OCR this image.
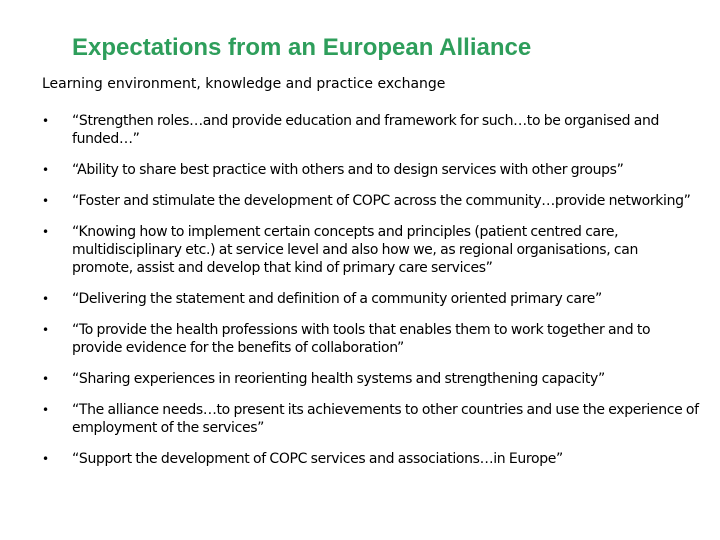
Expectations from an European Alliance
Learning environment, knowledge and practice exchange
• “Strengthen roles…and provide education and framework for such…to be organised and funded…”
• “Ability to share best practice with others and to design services with other groups”
• “Foster and stimulate the development of COPC across the community…provide networking”
• “Knowing how to implement certain concepts and principles (patient centred care, multidisciplinary etc.) at service level and also how we, as regional organisations, can promote, assist and develop that kind of primary care services”
• “Delivering the statement and definition of a community oriented primary care”
• “To provide the health professions with tools that enables them to work together and to provide evidence for the benefits of collaboration”
• “Sharing experiences in reorienting health systems and strengthening capacity”
• “The alliance needs…to present its achievements to other countries and use the experience of employment of the services”
• “Support the development of COPC services and associations…in Europe”
